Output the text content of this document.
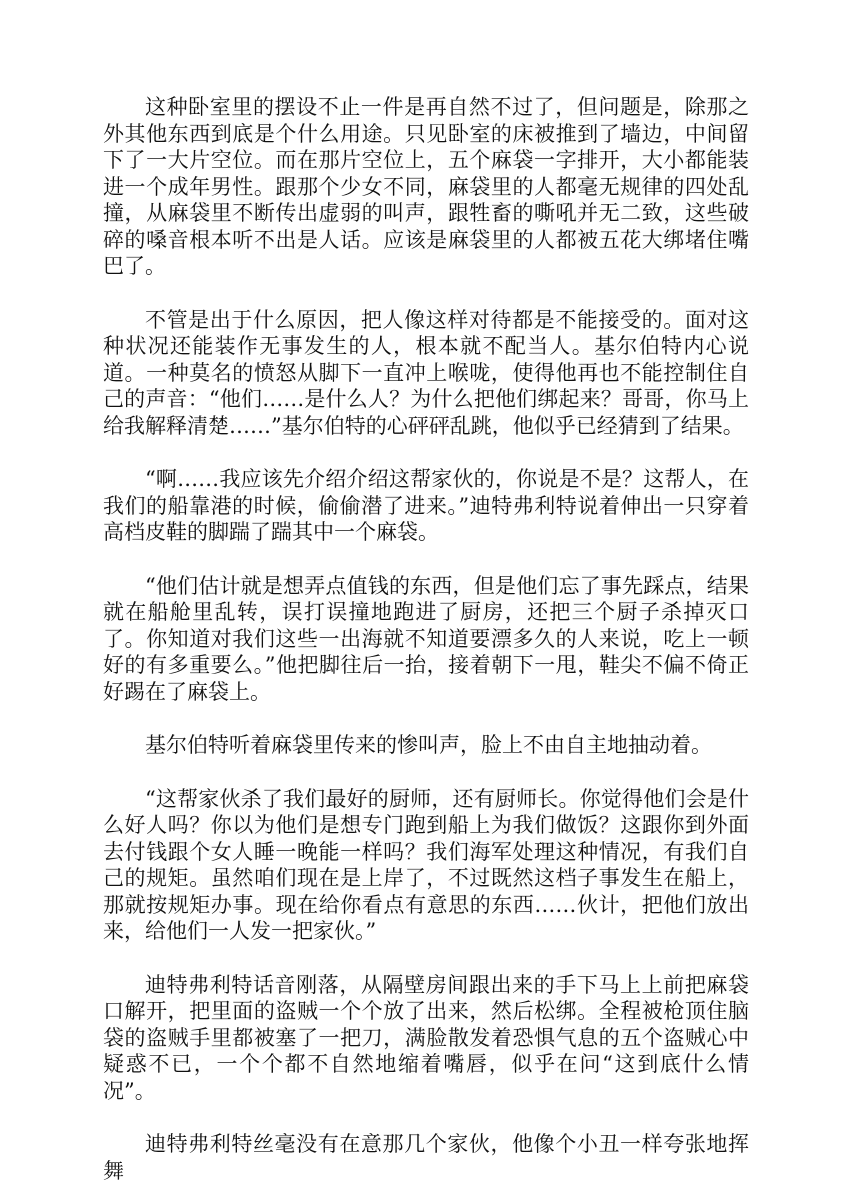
这种卧室里的摆设不止一件是再自然不过了，但问题是，除那之外其他东西到底是个什么用途。只见卧室的床被推到了墙边，中间留下了一大片空位。而在那片空位上，五个麻袋一字排开，大小都能装进一个成年男性。跟那个少女不同，麻袋里的人都毫无规律的四处乱撞，从麻袋里不断传出虚弱的叫声，跟牲畜的嘶吼并无二致，这些破碎的嗓音根本听不出是人话。应该是麻袋里的人都被五花大绑堵住嘴巴了。

不管是出于什么原因，把人像这样对待都是不能接受的。面对这种状况还能装作无事发生的人，根本就不配当人。基尔伯特内心说道。一种莫名的愤怒从脚下一直冲上喉咙，使得他再也不能控制住自己的声音：“他们……是什么人？为什么把他们绑起来？哥哥，你马上给我解释清楚……”基尔伯特的心砰砰乱跳，他似乎已经猜到了结果。

“啊……我应该先介绍介绍这帮家伙的，你说是不是？这帮人，在我们的船靠港的时候，偷偷潜了进来。”迪特弗利特说着伸出一只穿着高档皮鞋的脚踹了踹其中一个麻袋。

“他们估计就是想弄点值钱的东西，但是他们忘了事先踩点，结果就在船舱里乱转，误打误撞地跑进了厨房，还把三个厨子杀掉灭口了。你知道对我们这些一出海就不知道要漂多久的人来说，吃上一顿好的有多重要么。”他把脚往后一抬，接着朝下一甩，鞋尖不偏不倚正好踢在了麻袋上。

基尔伯特听着麻袋里传来的惨叫声，脸上不由自主地抽动着。

“这帮家伙杀了我们最好的厨师，还有厨师长。你觉得他们会是什么好人吗？你以为他们是想专门跑到船上为我们做饭？这跟你到外面去付钱跟个女人睡一晚能一样吗？我们海军处理这种情况，有我们自己的规矩。虽然咱们现在是上岸了，不过既然这档子事发生在船上，那就按规矩办事。现在给你看点有意思的东西……伙计，把他们放出来，给他们一人发一把家伙。”

迪特弗利特话音刚落，从隔壁房间跟出来的手下马上上前把麻袋口解开，把里面的盗贼一个个放了出来，然后松绑。全程被枪顶住脑袋的盗贼手里都被塞了一把刀，满脸散发着恐惧气息的五个盗贼心中疑惑不已，一个个都不自然地缩着嘴唇，似乎在问“这到底什么情况”。

迪特弗利特丝毫没有在意那几个家伙，他像个小丑一样夸张地挥舞
